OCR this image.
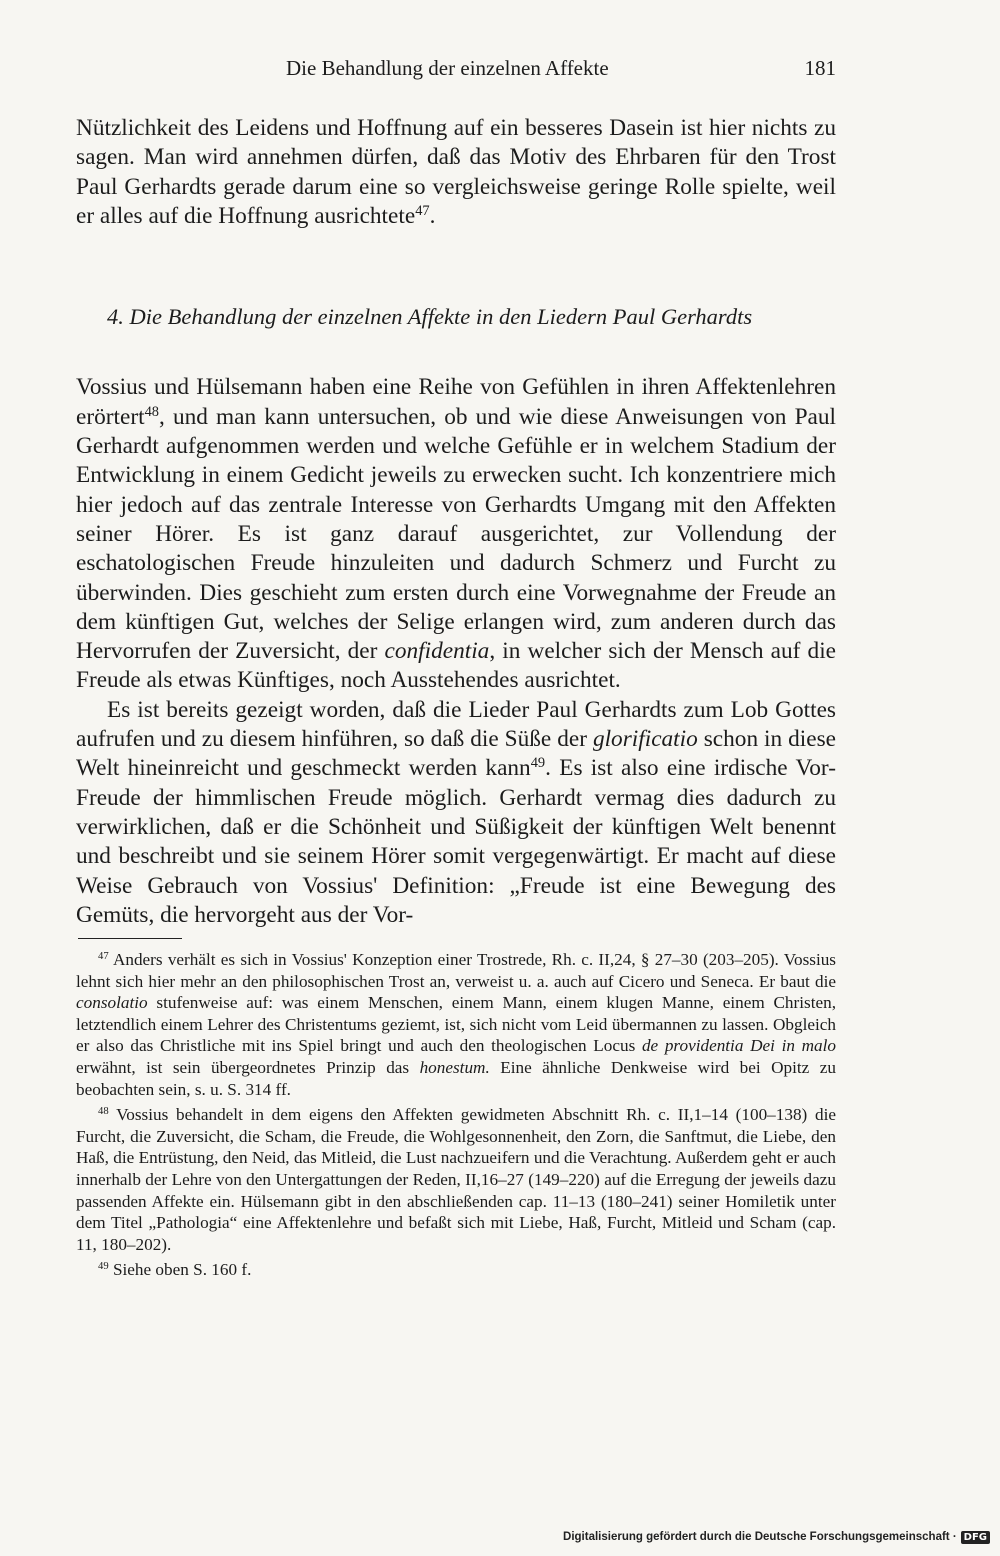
Die Behandlung der einzelnen Affekte	181

Nützlichkeit des Leidens und Hoffnung auf ein besseres Dasein ist hier nichts zu sagen. Man wird annehmen dürfen, daß das Motiv des Ehrbaren für den Trost Paul Gerhardts gerade darum eine so vergleichsweise geringe Rolle spielte, weil er alles auf die Hoffnung ausrichtete$^{47}$.

4. Die Behandlung der einzelnen Affekte in den Liedern Paul Gerhardts

Vossius und Hülsemann haben eine Reihe von Gefühlen in ihren Affektenlehren erörtert$^{48}$, und man kann untersuchen, ob und wie diese Anweisungen von Paul Gerhardt aufgenommen werden und welche Gefühle er in welchem Stadium der Entwicklung in einem Gedicht jeweils zu erwecken sucht. Ich konzentriere mich hier jedoch auf das zentrale Interesse von Gerhardts Umgang mit den Affekten seiner Hörer. Es ist ganz darauf ausgerichtet, zur Vollendung der eschatologischen Freude hinzuleiten und dadurch Schmerz und Furcht zu überwinden. Dies geschieht zum ersten durch eine Vorwegnahme der Freude an dem künftigen Gut, welches der Selige erlangen wird, zum anderen durch das Hervorrufen der Zuversicht, der confidentia, in welcher sich der Mensch auf die Freude als etwas Künftiges, noch Ausstehendes ausrichtet.

Es ist bereits gezeigt worden, daß die Lieder Paul Gerhardts zum Lob Gottes aufrufen und zu diesem hinführen, so daß die Süße der glorificatio schon in diese Welt hineinreicht und geschmeckt werden kann$^{49}$. Es ist also eine irdische Vor-Freude der himmlischen Freude möglich. Gerhardt vermag dies dadurch zu verwirklichen, daß er die Schönheit und Süßigkeit der künftigen Welt benennt und beschreibt und sie seinem Hörer somit vergegenwärtigt. Er macht auf diese Weise Gebrauch von Vossius' Definition: „Freude ist eine Bewegung des Gemüts, die hervorgeht aus der Vor-

$^{47}$ Anders verhält es sich in Vossius' Konzeption einer Trostrede, Rh. c. II,24, § 27–30 (203–205). Vossius lehnt sich hier mehr an den philosophischen Trost an, verweist u. a. auch auf Cicero und Seneca. Er baut die consolatio stufenweise auf: was einem Menschen, einem Mann, einem klugen Manne, einem Christen, letztendlich einem Lehrer des Christentums geziemt, ist, sich nicht vom Leid übermannen zu lassen. Obgleich er also das Christliche mit ins Spiel bringt und auch den theologischen Locus de providentia Dei in malo erwähnt, ist sein übergeordnetes Prinzip das honestum. Eine ähnliche Denkweise wird bei Opitz zu beobachten sein, s. u. S. 314 ff.

$^{48}$ Vossius behandelt in dem eigens den Affekten gewidmeten Abschnitt Rh. c. II,1–14 (100–138) die Furcht, die Zuversicht, die Scham, die Freude, die Wohlgesonnenheit, den Zorn, die Sanftmut, die Liebe, den Haß, die Entrüstung, den Neid, das Mitleid, die Lust nachzueifern und die Verachtung. Außerdem geht er auch innerhalb der Lehre von den Untergattungen der Reden, II,16–27 (149–220) auf die Erregung der jeweils dazu passenden Affekte ein. Hülsemann gibt in den abschließenden cap. 11–13 (180–241) seiner Homiletik unter dem Titel „Pathologia“ eine Affektenlehre und befaßt sich mit Liebe, Haß, Furcht, Mitleid und Scham (cap. 11, 180–202).

$^{49}$ Siehe oben S. 160 f.

Digitalisierung gefördert durch die Deutsche Forschungsgemeinschaft · DFG
